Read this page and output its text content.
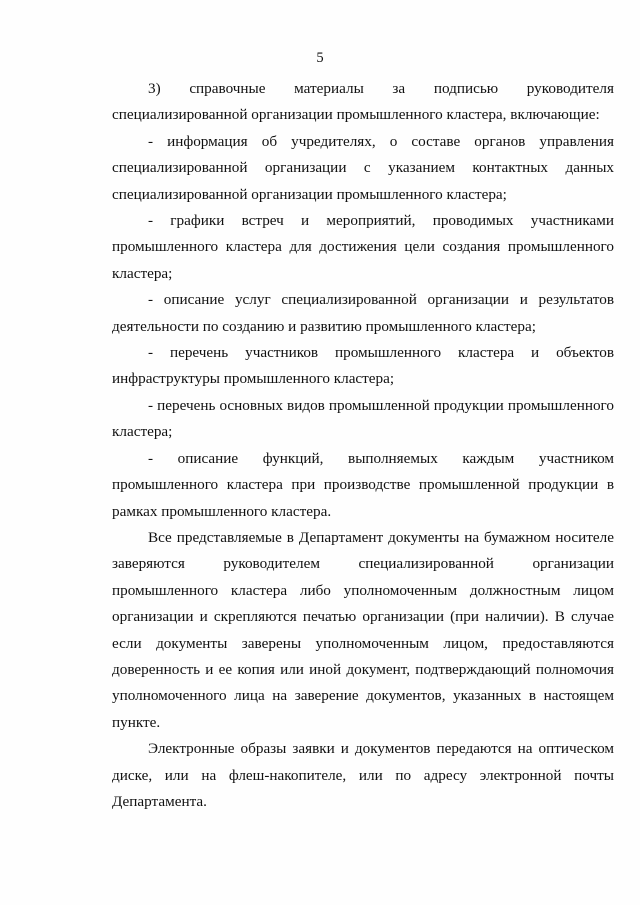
5

3) справочные материалы за подписью руководителя специализированной организации промышленного кластера, включающие:

- информация об учредителях, о составе органов управления специализированной организации с указанием контактных данных специализированной организации промышленного кластера;

- графики встреч и мероприятий, проводимых участниками промышленного кластера для достижения цели создания промышленного кластера;

- описание услуг специализированной организации и результатов деятельности по созданию и развитию промышленного кластера;

- перечень участников промышленного кластера и объектов инфраструктуры промышленного кластера;

- перечень основных видов промышленной продукции промышленного кластера;

- описание функций, выполняемых каждым участником промышленного кластера при производстве промышленной продукции в рамках промышленного кластера.

Все представляемые в Департамент документы на бумажном носителе заверяются руководителем специализированной организации промышленного кластера либо уполномоченным должностным лицом организации и скрепляются печатью организации (при наличии). В случае если документы заверены уполномоченным лицом, предоставляются доверенность и ее копия или иной документ, подтверждающий полномочия уполномоченного лица на заверение документов, указанных в настоящем пункте.

Электронные образы заявки и документов передаются на оптическом диске, или на флеш-накопителе, или по адресу электронной почты Департамента.
